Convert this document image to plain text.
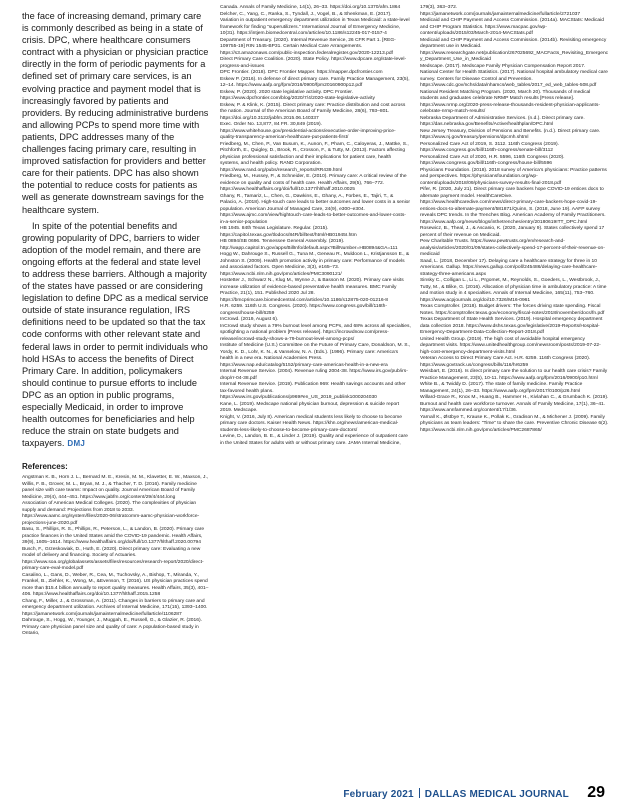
the face of increasing demand, primary care is commonly described as being in a state of crisis. DPC, where healthcare consumers contract with a physician or physician practice directly in the form of periodic payments for a defined set of primary care services, is an evolving practice and payment model that is increasingly favored by patients and providers. By reducing administrative burdens and allowing PCPs to spend more time with patients, DPC addresses many of the challenges facing primary care, resulting in improved satisfaction for providers and better care for their patients. DPC has also shown the potential to reduce costs for patients as well as generate downstream savings for the healthcare system.

In spite of the potential benefits and growing popularity of DPC, barriers to wider adoption of the model remain, and there are ongoing efforts at the federal and state level to address these barriers. Although a majority of the states have passed or are considering legislation to define DPC as a medical service outside of state insurance regulation, IRS definitions need to be updated so that the tax code conforms with other relevant state and federal laws in order to permit individuals who hold HSAs to access the benefits of Direct Primary Care. In addition, policymakers should continue to pursue efforts to include DPC as an option in public programs, especially Medicaid, in order to improve health outcomes for beneficiaries and help reduce the strain on state budgets and taxpayers. DMJ

References:
Angstman K. B., Horn J. L., Bernard M. E., Kresin, M. M., Klavetter, E. W., Maxson, J., Willis, F. B., Grover, M. L., Bryan, M. J., & Thacher, T. D. (2016). Family medicine panel size with care teams: Impact on quality. Journal American Board of Family Medicine, 29(4), 444–451. https://www.jabfm.org/content/29/4/444.long
Association of American Medical Colleges. (2020). The complexities of physician supply and demand: Projections from 2018 to 2033. https://www.aamc.org/system/files/2020-06/stratcomm-aamc-physician-workforce-projections-june-2020.pdf
Basu, S., Phillips, R. S., Phillips, R., Peterson, L., & Landon, B. (2020). Primary care practice finances in the United States amid the COVID-19 pandemic. Health Affairs, 39(9), 1605–1614. https://www.healthaffairs.org/doi/full/10.1377/hlthaff.2020.00794
Busch, F., Grzeskowiak, D., Huth, E. (2020). Direct primary care: Evaluating a new model of delivery and financing. Society of Actuaries. https://www.soa.org/globalassets/assets/files/resources/research-report/2020/direct-primary-care-eval-model.pdf
Casalino, L., Gans, D., Weber, R., Cea, M., Tuchovsky, A., Bishop, T., Miranda, Y., Frankel, B., Ziehler, K., Wong, M., &Evenson, T. (2016). US physician practices spend more than $15.4 billion annually to report quality measures. Health Affairs, 35(3), 401–406. https://www.healthaffairs.org/doi/10.1377/hlthaff.2015.1258
Chang, F., Miller, J., & Grossman, A. (2011). Changes in barriers to primary care and emergency department utilization. Archives of Internal Medicine, 171(15), 1393–1400. https://jamanetwork.com/journals/jamainternalmedicine/fullarticle/1106287
Dahrouge, S., Hogg, W., Younger, J., Muggah, E., Russell, G., & Glazier, R. (2016). Primary care physician panel size and quality of care: A population-based study in Ontario,
Canada. Annals of Family Medicine, 14(1), 26–33. https://doi.org/10.1370/afm.1864
Delcher, C., Yang, C., Ranka, S., Tyndall, J., Vogel, B., & Shenkman, E. (2017). Variation in outpatient emergency department utilization in Texas Medicaid: a state-level framework for finding "superutilizers." International Journal of Emergency Medicine, 10(31). https://intjem.biomedcentral.com/articles/10.1186/s12245-017-0157-4
Department of Treasury. (2020). Internal Revenue Service, 26 CFR Part 1. [REG-109755-19] RIN 1545-BP31. Certain Medical Care Arrangements. https://s3.amazonaws.com/public-inspection.federalregister.gov/2020-12213.pdf
Direct Primary Care Coalition. (2020). State Policy. https://www.dpcare.org/state-level-progress-and-issues
DPC Frontier. (2018). DPC Frontier Mapper. https://mapper.dpcfrontier.com
Eskew P. (2016). In defense of direct primary care. Family Practice Management, 23(5), 12–14. https://www.aafp.org/fpm/2016/0900/fpm20160900p12.pdf
Eskew, P. (2020). 2020 state legislative activity. DPC Frontier. https://www.dpcfrontier.com/blog/2020/7/4/2020-state-legislative-activity
Eskew, P. & Klink, K. (2015). Direct primary care: Practice distribution and cost across the nation. Journal of the American Board of Family Medicine, 28(6), 793–801. https://doi.org/10.3122/jabfm.2015.06.140337
Exec. Order No. 13,877, 84 FR. 30,849 (2019). https://www.whitehouse.gov/presidential-actions/executive-order-improving-price-quality-transparency-american-healthcare-put-patients-first/
Friedberg, M., Chen, P., Van Busum, K., Aunon, F., Pham, C., Caloyeras, J., Mattke, S., Pitchforth, E., Quigley, D., Brook, R., Crosson, F., & Tutty, M. (2013). Factors affecting physician professional satisfaction and their implications for patient care, health systems, and health policy. RAND Corporation. https://www.rand.org/pubs/research_reports/RR439.html
Friedberg, M., Hussey, P., & Schneider, E. (2010). Primary care: A critical review of the evidence on quality and costs of health care. Health Affairs, 29(5), 766–772. https://www.healthaffairs.org/doi/full/10.1377/hlthaff.2010.0025
Ghany, R., Tamariz, L., Chen, G., Dawkins, E., Ghany, A., Forbes, E., Tajiri, T., & Palacio, A. (2018). High-touch care leads to better outcomes and lower costs in a senior population. American Journal of Managed Care, 24(9), e300–e304. https://www.ajmc.com/view/hightouch-care-leads-to-better-outcomes-and-lower-costs-in-a-senior-population
HB 1945. 84th Texas Legislature. Regular. (2015). https://capitol.texas.gov/tlodocs/84R/billtext/html/HB01945I.htm
HB 0894/SB 0696. Tennessee General Assembly. (2019). http://wapp.capitol.tn.gov/apps/BillInfo/default.aspx?BillNumber=HB0894&GA=111
Hogg W., Dahrouge S., Russell G., Tuna M., Geneau R., Muldoon L., Kristjansson E., & Johnston S. (2009). Health promotion activity in primary care: Performance of models and associated factors. Open Medicine, 3(3), e165–73. https://www.ncbi.nlm.nih.gov/pmc/articles/PMC3090121/
Hostetter J., Schwarz N., Klug M., Wynne J., & Basson M. (2020). Primary care visits increase utilization of evidence-based preventative health measures. BMC Family Practice, 21(1), 151. Published 2020 Jul 28. https://bmcprimcare.biomedcentral.com/articles/10.1186/s12875-020-01216-8
H.R. 6259. 116th U.S. Congress. (2020). https://www.congress.gov/bill/116th-congress/house-bill/6259
InCrowd. (2019, August 6).
InCrowd study shows a 79% burnout level among PCPs, and 68% across all specialties, spotlighting a national problem [Press release]. https://incrowdnow.com/press-release/incrowd-study-shows-a-79-burnout-level-among-pcps/
Institute of Medicine (U.S.) Committee on the Future of Primary Care, Donaldson, M. S., Yordy, K. D., Lohr, K. N., & Vanselow, N. A. (Eds.). (1996). Primary care: America's health in a new era. National Academies Press. https://www.nap.edu/catalog/5152/primary-care-americas-health-in-a-new-era
Internal Revenue Service. (2004). Revenue ruling 2004-38. https://www.irs.gov/pub/irs-drop/rr-04-38.pdf
Internal Revenue Service. (2019). Publication 969: Health savings accounts and other tax-favored health plans. https://www.irs.gov/publications/p969#en_US_2019_publink1000204030
Kane, L. (2019). Medscape national physician burnout, depression & suicide report 2019. Medscape.
Knight, V. (2016, July 8). American medical students less likely to choose to become primary care doctors. Kaiser Health News. https://khn.org/news/american-medical-students-less-likely-to-choose-to-become-primary-care-doctors/
Levine, D., Landon, B. E., & Linder J. (2019). Quality and experience of outpatient care in the United States for adults with or without primary care. JAMA Internal Medicine,
179(3), 363–372. https://jamanetwork.com/journals/jamainternalmedicine/fullarticle/2721037
Medicaid and CHIP Payment and Access Commission. (2014a). MACStats: Medicaid and CHIP Program Statistics. https://www.macpac.gov/wp-content/uploads/2015/03/March-2014-MACStats.pdf
Medicaid and CHIP Payment and Access Commission. (2014b). Revisiting emergency department use in Medicaid. https://www.researchgate.net/publication/267025692_MACFacts_Revisiting_Emergency_Department_Use_in_Medicaid
Medscape. (2017). Medscape Family Physician Compensation Report 2017.
National Center for Health Statistics. (2017). National hospital ambulatory medical care survey. Centers for Disease Control and Prevention. https://www.cdc.gov/nchs/data/nhamcs/web_tables/2017_ed_web_tables-508.pdf
National Resident Matching Program. (2020, March 20). Thousands of medical students and graduates celebrate NRMP Match results [Press release]. https://www.nrmp.org/2020-press-release-thousands-resident-physician-applicants-celebrate-nrmp-match-results/
Nebraska Department of Administrative Services. (n.d.). Direct primary care. https://das.nebraska.gov/Benefits/Active/healthplan/DPC.html
New Jersey Treasury, Division of Pensions and Benefits. (n.d.). Direct primary care. https://www.nj.gov/treasury/pensions/dpcmh.shtml
Personalized Care Act of 2019, S. 3112. 116th Congress (2019). https://www.congress.gov/bill/116th-congress/senate-bill/3112
Personalized Care Act of 2020, H.R. 5596, 116th Congress (2020). https://www.congress.gov/bill/116th-congress/house-bill/5596
Physicians Foundation. (2018). 2018 survey of America's physicians: Practice patterns and perspectives. https://physiciansfoundation.org/wp-content/uploads/2018/09/physicians-survey-results-final-2018.pdf
Pifer, R. (2020, July 21). Direct primary care backers hope COVID-19 entices docs to alternate payment model. HealthCareDive. https://www.healthcaredive.com/news/direct-primary-care-backers-hope-covid-19-entices-docs-to-alternate-payment/581871/Quinn, S. (2018, June 19). AAFP survey reveals DPC trends. In the Trenches Blog. American Academy of Family Practitioners. https://www.aafp.org/news/blogs/inthetrenches/entry/20180619ITT_DPC.html
Rosewicz, B., Theal, J., & Ascanio, K. (2020, January 9). States collectively spend 17 percent of their revenue on Medicaid.
Pew Charitable Trusts. https://www.pewtrusts.org/en/research-and-analysis/articles/2020/01/09/states-collectively-spend-17-percent-of-their-revenue-on-medicaid
Saad, L. (2018, December 17). Delaying care a healthcare strategy for three in 10 Americans. Gallup. https://news.gallup.com/poll/245486/delaying-care-healthcare-strategy-three-americans.aspx
Sinsky C., Colligan L., Li L., Prgomet, M., Reynolds, S., Goeders, L., Westbrook, J., Tutty, M., & Blike, G. (2016). Allocation of physician time in ambulatory practice: A time and motion study in 4 specialties. Annals of Internal Medicine, 165(11), 753–760. https://www.acpjournals.org/doi/10.7326/M16-0961
Texas Comptroller. (2018). Budget drivers: The forces driving state spending. Fiscal Notes. https://comptroller.texas.gov/economy/fiscal-notes/2018/november/docs/fn.pdf
Texas Department of State Health Services. (2019). Hospital emergency department data collection 2018. https://www.dshs.texas.gov/legislative/2019-Reports/Hospital-Emergency-Department-Data-Collection-Report-2018.pdf
United Health Group. (2019). The high cost of avoidable hospital emergency department visits. https://www.unitedhealthgroup.com/newsroom/posts/2019-07-22-high-cost-emergency-department-visits.html
Veteran Access to Direct Primary Care Act. H.R. 6259. 116th Congress (2020). https://www.govtrack.us/congress/bills/116/hr6259
Weisbart, E. (2016). Is direct primary care the solution to our health care crisis? Family Practice Management, 23(5), 10-11. https://www.aafp.org/fpm/2016/0900/p10.html
White B., & Twiddy D. (2017). The state of family medicine. Family Practice Management, 24(1), 26–33. https://www.aafp.org/fpm/2017/0100/p26.html
Willard-Grace R., Knox M., Huang B., Hammer H., Kivlahan C., & Grumbach K. (2019). Burnout and health care workforce turnover. Annals of Family Medicine, 17(1), 36–41. https://www.annfammed.org/content/17/1/36.
Yarnall K., Østbye T., Krause K., Pollak K., Gradison M., & Michener J. (2009). Family physicians as team leaders: "Time" to share the care. Preventive Chronic Disease 6(2). https://www.ncbi.nlm.nih.gov/pmc/articles/PMC2687865/
February 2021 DALLAS MEDICAL JOURNAL 29
